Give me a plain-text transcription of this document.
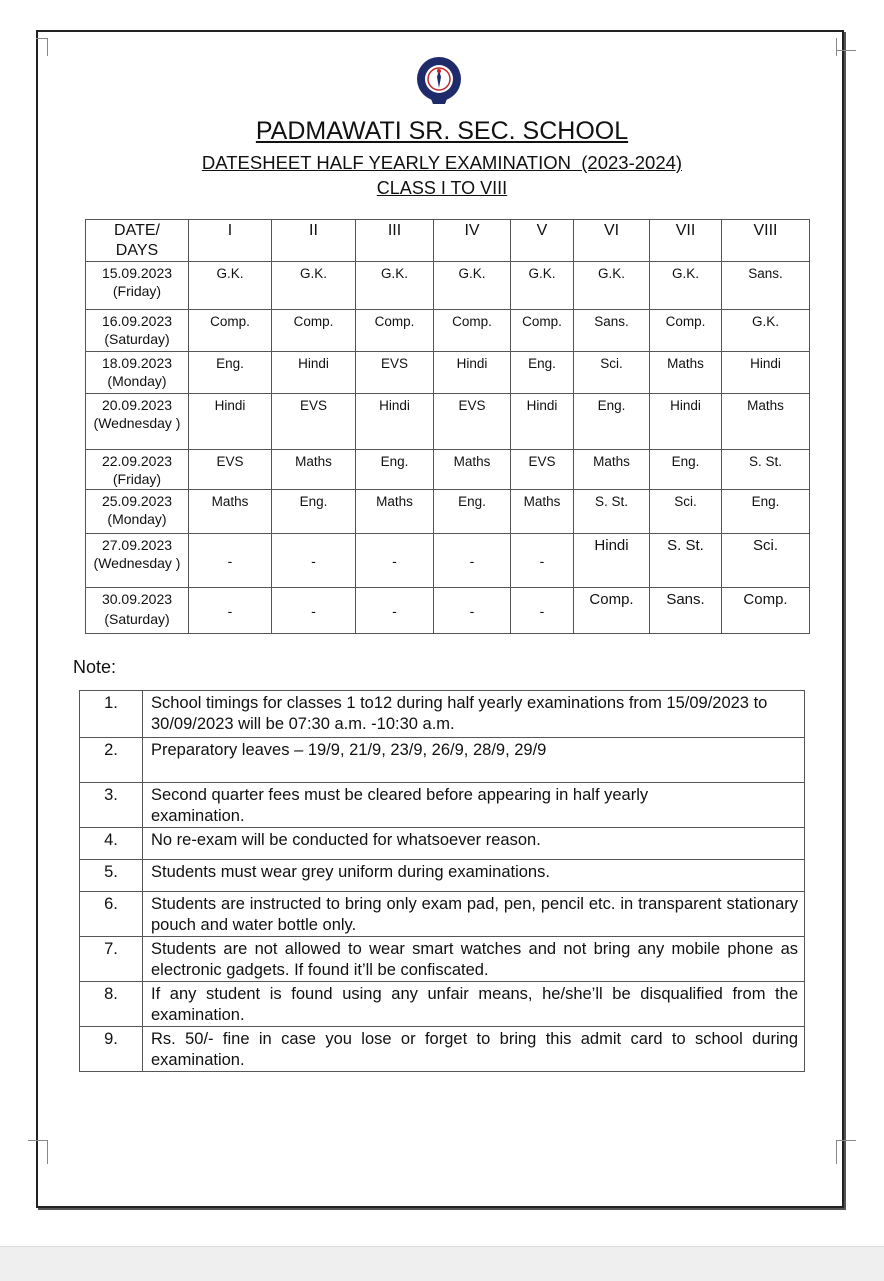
PADMAWATI SR. SEC. SCHOOL
DATESHEET HALF YEARLY EXAMINATION  (2023-2024)
CLASS I TO VIII
DATE/ DAYS	I	II	III	IV	V	VI	VII	VIII

15.09.2023
(Friday)	G.K.	G.K.	G.K.	G.K.	G.K.	G.K.	G.K.	Sans.

16.09.2023
(Saturday)	Comp.	Comp.	Comp.	Comp.	Comp.	Sans.	Comp.	G.K.

18.09.2023
(Monday)	Eng.	Hindi	EVS	Hindi	Eng.	Sci.	Maths	Hindi

20.09.2023
(Wednesday )	Hindi	EVS	Hindi	EVS	Hindi	Eng.	Hindi	Maths

22.09.2023
(Friday)	EVS	Maths	Eng.	Maths	EVS	Maths	Eng.	S. St.

25.09.2023
(Monday)	Maths	Eng.	Maths	Eng.	Maths	S. St.	Sci.	Eng.

27.09.2023
(Wednesday )	-	-	-	-	-	Hindi	S. St.	Sci.

30.09.2023
(Saturday)	-	-	-	-	-	Comp.	Sans.	Comp.
Note:
1.	School timings for classes 1 to12 during half yearly examinations from 15/09/2023 to 30/09/2023 will be 07:30 a.m. -10:30 a.m.
2.	Preparatory leaves – 19/9, 21/9, 23/9, 26/9, 28/9, 29/9
3.	Second quarter fees must be cleared before appearing in half yearly examination.
4.	No re-exam will be conducted for whatsoever reason.
5.	Students must wear grey uniform during examinations.
6.	Students are instructed to bring only exam pad, pen, pencil etc. in transparent stationary pouch and water bottle only.
7.	Students are not allowed to wear smart watches and not bring any mobile phone as electronic gadgets. If found it’ll be confiscated.
8.	If any student is found using any unfair means, he/she’ll be disqualified from the examination.
9.	Rs. 50/- fine in case you lose or forget to bring this admit card to school during examination.
